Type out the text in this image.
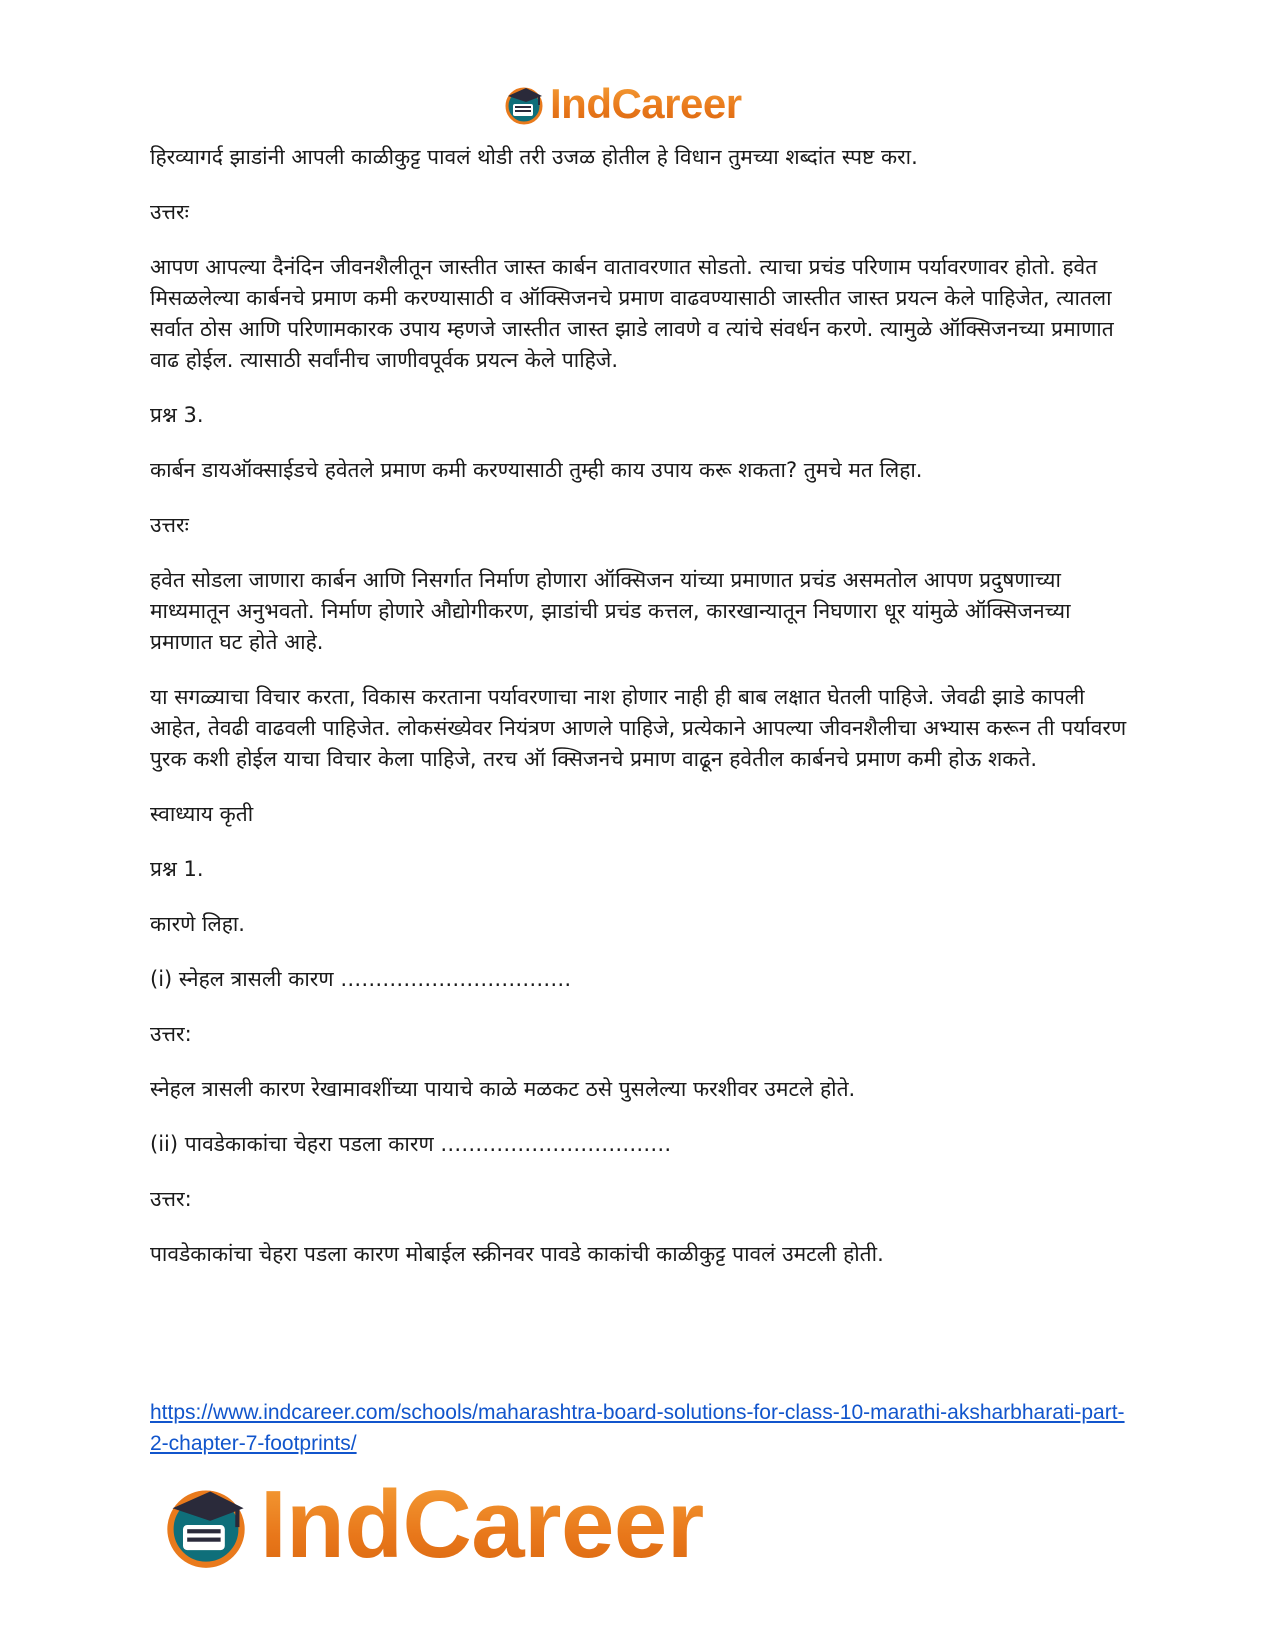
IndCareer

हिरव्यागर्द झाडांनी आपली काळीकुट्ट पावलं थोडी तरी उजळ होतील हे विधान तुमच्या शब्दांत स्पष्ट करा.

उत्तरः

आपण आपल्या दैनंदिन जीवनशैलीतून जास्तीत जास्त कार्बन वातावरणात सोडतो. त्याचा प्रचंड परिणाम पर्यावरणावर होतो. हवेत मिसळलेल्या कार्बनचे प्रमाण कमी करण्यासाठी व ऑक्सिजनचे प्रमाण वाढवण्यासाठी जास्तीत जास्त प्रयत्न केले पाहिजेत, त्यातला सर्वात ठोस आणि परिणामकारक उपाय म्हणजे जास्तीत जास्त झाडे लावणे व त्यांचे संवर्धन करणे. त्यामुळे ऑक्सिजनच्या प्रमाणात वाढ होईल. त्यासाठी सर्वांनीच जाणीवपूर्वक प्रयत्न केले पाहिजे.

प्रश्न 3.

कार्बन डायऑक्साईडचे हवेतले प्रमाण कमी करण्यासाठी तुम्ही काय उपाय करू शकता? तुमचे मत लिहा.

उत्तरः

हवेत सोडला जाणारा कार्बन आणि निसर्गात निर्माण होणारा ऑक्सिजन यांच्या प्रमाणात प्रचंड असमतोल आपण प्रदुषणाच्या माध्यमातून अनुभवतो. निर्माण होणारे औद्योगीकरण, झाडांची प्रचंड कत्तल, कारखान्यातून निघणारा धूर यांमुळे ऑक्सिजनच्या प्रमाणात घट होते आहे.

या सगळ्याचा विचार करता, विकास करताना पर्यावरणाचा नाश होणार नाही ही बाब लक्षात घेतली पाहिजे. जेवढी झाडे कापली आहेत, तेवढी वाढवली पाहिजेत. लोकसंख्येवर नियंत्रण आणले पाहिजे, प्रत्येकाने आपल्या जीवनशैलीचा अभ्यास करून ती पर्यावरण पुरक कशी होईल याचा विचार केला पाहिजे, तरच ऑ क्सिजनचे प्रमाण वाढून हवेतील कार्बनचे प्रमाण कमी होऊ शकते.

स्वाध्याय कृती

प्रश्न 1.

कारणे लिहा.

(i) स्नेहल त्रासली कारण ……………………………

उत्तर:

स्नेहल त्रासली कारण रेखामावशींच्या पायाचे काळे मळकट ठसे पुसलेल्या फरशीवर उमटले होते.

(ii) पावडेकाकांचा चेहरा पडला कारण ……………………………

उत्तर:

पावडेकाकांचा चेहरा पडला कारण मोबाईल स्क्रीनवर पावडे काकांची काळीकुट्ट पावलं उमटली होती.

https://www.indcareer.com/schools/maharashtra-board-solutions-for-class-10-marathi-aksharbharati-part-2-chapter-7-footprints/
IndCareer
